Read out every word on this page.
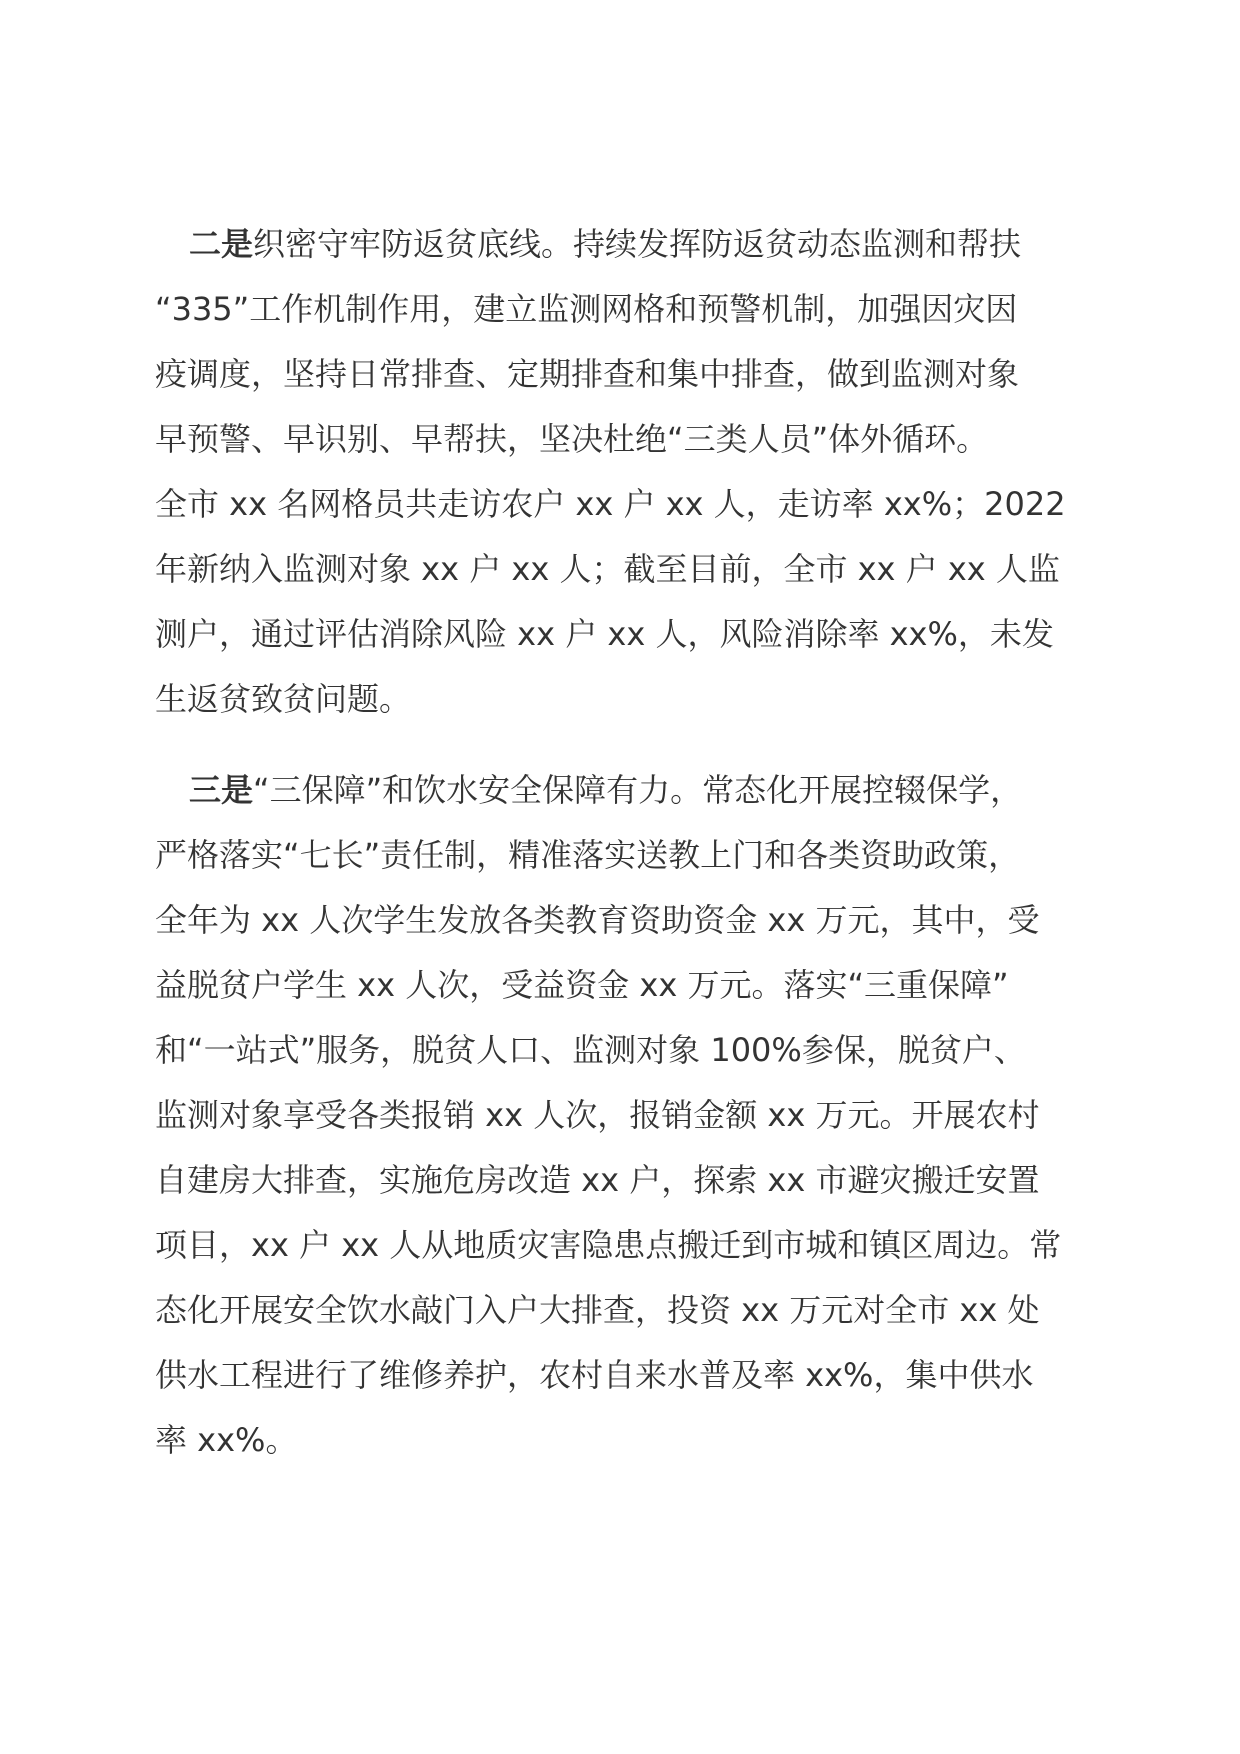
二是织密守牢防返贫底线。持续发挥防返贫动态监测和帮扶
“335”工作机制作用，建立监测网格和预警机制，加强因灾因
疫调度，坚持日常排查、定期排查和集中排查，做到监测对象
早预警、早识别、早帮扶，坚决杜绝“三类人员”体外循环。
全市 xx 名网格员共走访农户 xx 户 xx 人，走访率 xx%；2022
年新纳入监测对象 xx 户 xx 人；截至目前，全市 xx 户 xx 人监
测户，通过评估消除风险 xx 户 xx 人，风险消除率 xx%，未发
生返贫致贫问题。
三是“三保障”和饮水安全保障有力。常态化开展控辍保学，
严格落实“七长”责任制，精准落实送教上门和各类资助政策，
全年为 xx 人次学生发放各类教育资助资金 xx 万元，其中，受
益脱贫户学生 xx 人次，受益资金 xx 万元。落实“三重保障”
和“一站式”服务，脱贫人口、监测对象 100%参保，脱贫户、
监测对象享受各类报销 xx 人次，报销金额 xx 万元。开展农村
自建房大排查，实施危房改造 xx 户，探索 xx 市避灾搬迁安置
项目，xx 户 xx 人从地质灾害隐患点搬迁到市城和镇区周边。常
态化开展安全饮水敲门入户大排查，投资 xx 万元对全市 xx 处
供水工程进行了维修养护，农村自来水普及率 xx%，集中供水
率 xx%。
